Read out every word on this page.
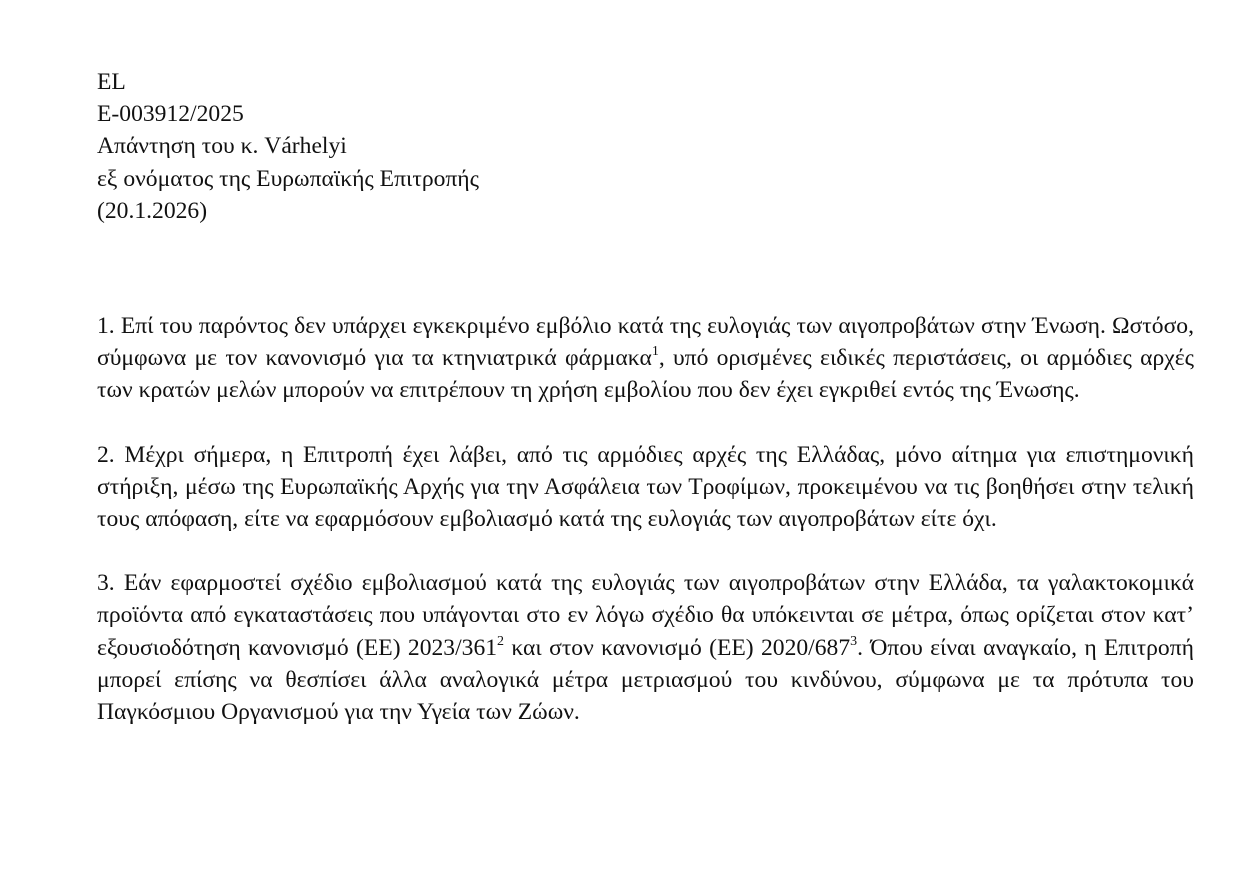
EL
E-003912/2025
Απάντηση του κ. Várhelyi
εξ ονόματος της Ευρωπαϊκής Επιτροπής
(20.1.2026)

1. Επί του παρόντος δεν υπάρχει εγκεκριμένο εμβόλιο κατά της ευλογιάς των αιγοπροβάτων στην Ένωση. Ωστόσο, σύμφωνα με τον κανονισμό για τα κτηνιατρικά φάρμακα$^1$, υπό ορισμένες ειδικές περιστάσεις, οι αρμόδιες αρχές των κρατών μελών μπορούν να επιτρέπουν τη χρήση εμβολίου που δεν έχει εγκριθεί εντός της Ένωσης.

2. Μέχρι σήμερα, η Επιτροπή έχει λάβει, από τις αρμόδιες αρχές της Ελλάδας, μόνο αίτημα για επιστημονική στήριξη, μέσω της Ευρωπαϊκής Αρχής για την Ασφάλεια των Τροφίμων, προκειμένου να τις βοηθήσει στην τελική τους απόφαση, είτε να εφαρμόσουν εμβολιασμό κατά της ευλογιάς των αιγοπροβάτων είτε όχι.

3. Εάν εφαρμοστεί σχέδιο εμβολιασμού κατά της ευλογιάς των αιγοπροβάτων στην Ελλάδα, τα γαλακτοκομικά προϊόντα από εγκαταστάσεις που υπάγονται στο εν λόγω σχέδιο θα υπόκεινται σε μέτρα, όπως ορίζεται στον κατ’ εξουσιοδότηση κανονισμό (ΕΕ) $2023/361^2$ και στον κανονισμό (ΕΕ) $2020/687^3$. Όπου είναι αναγκαίο, η Επιτροπή μπορεί επίσης να θεσπίσει άλλα αναλογικά μέτρα μετριασμού του κινδύνου, σύμφωνα με τα πρότυπα του Παγκόσμιου Οργανισμού για την Υγεία των Ζώων.
